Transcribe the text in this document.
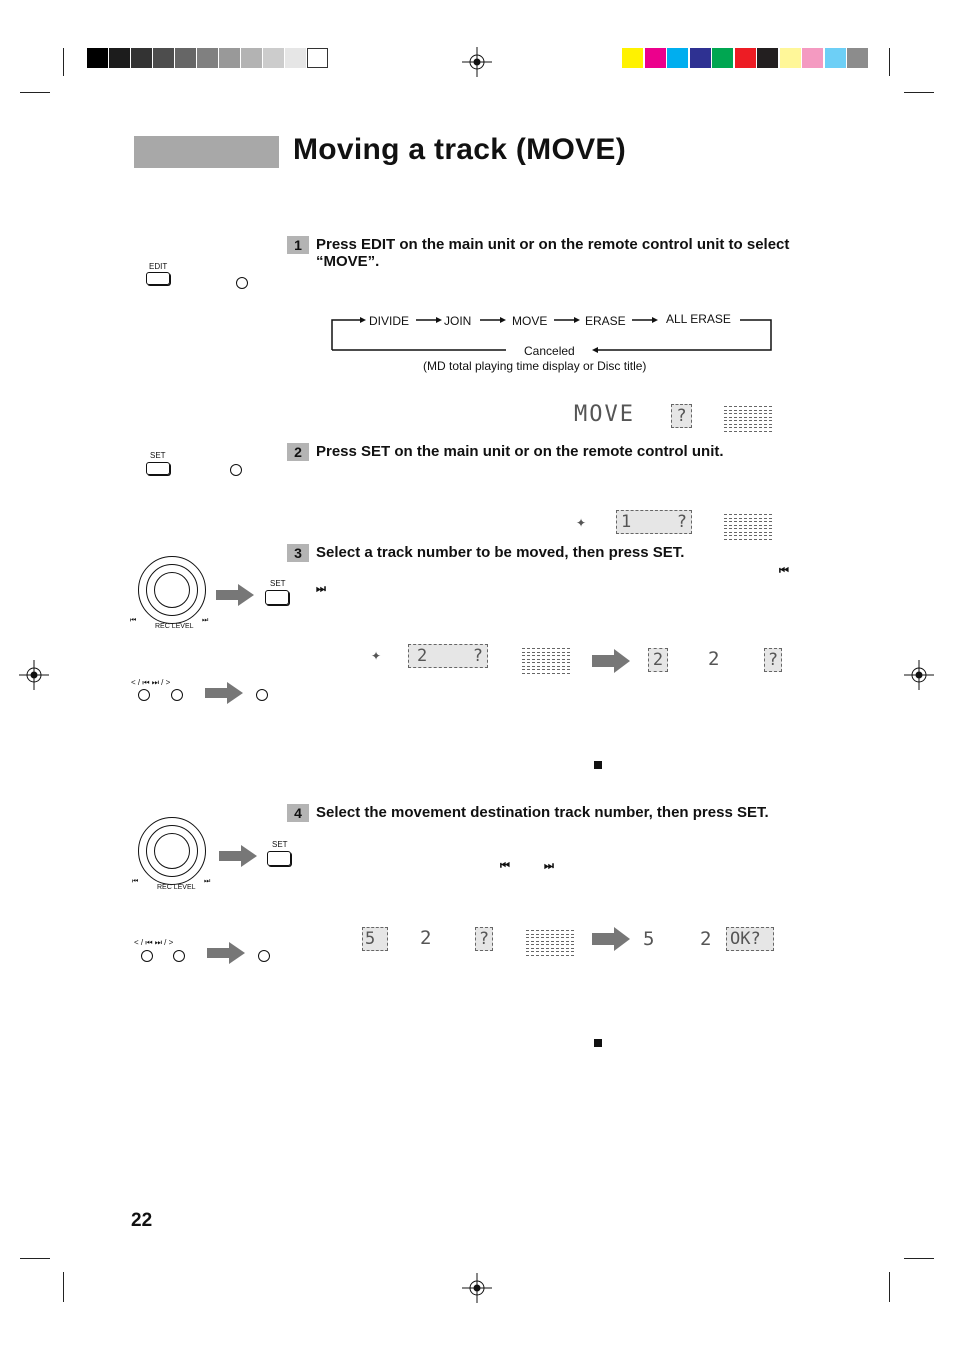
Moving a track (MOVE)
1 Press EDIT on the main unit or on the remote control unit to select “MOVE”.
EDIT
DIVIDE	JOIN	MOVE	ERASE	ALL ERASE
Canceled
(MD total playing time display or Disc title)
MOVE	?
2 Press SET on the main unit or on the remote control unit.
SET
✦ 1	?
3 Select a track number to be moved, then press SET.
⏮
⏭
⏮	⏭
REC LEVEL
SET
< / ⏮ ⏭ / >
✦	2	?	2 2	?
4 Select the movement destination track number, then press SET.
⏮	⏭
⏮	⏭
REC LEVEL
SET
< / ⏮ ⏭ / >	5	2	?	5 2 OK?
22
